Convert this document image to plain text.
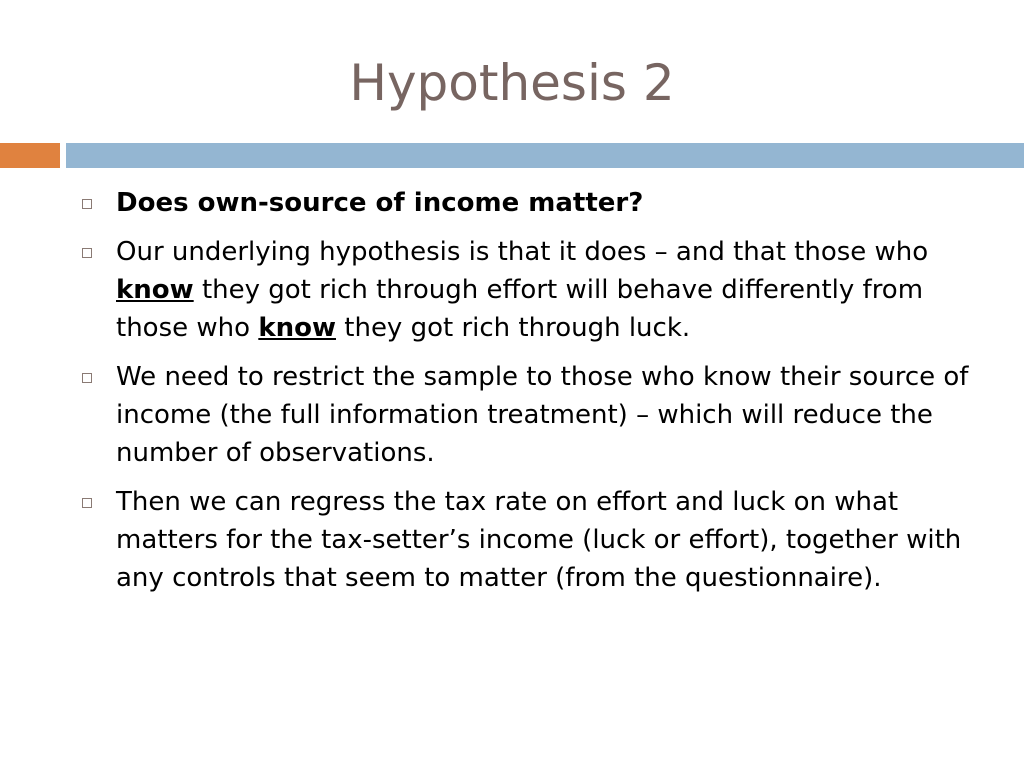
Hypothesis 2
Does own-source of income matter?
Our underlying hypothesis is that it does – and that those who know they got rich through effort will behave differently from those who know they got rich through luck.
We need to restrict the sample to those who know their source of income (the full information treatment) – which will reduce the number of observations.
Then we can regress the tax rate on effort and luck on what matters for the tax-setter’s income (luck or effort), together with any controls that seem to matter (from the questionnaire).
